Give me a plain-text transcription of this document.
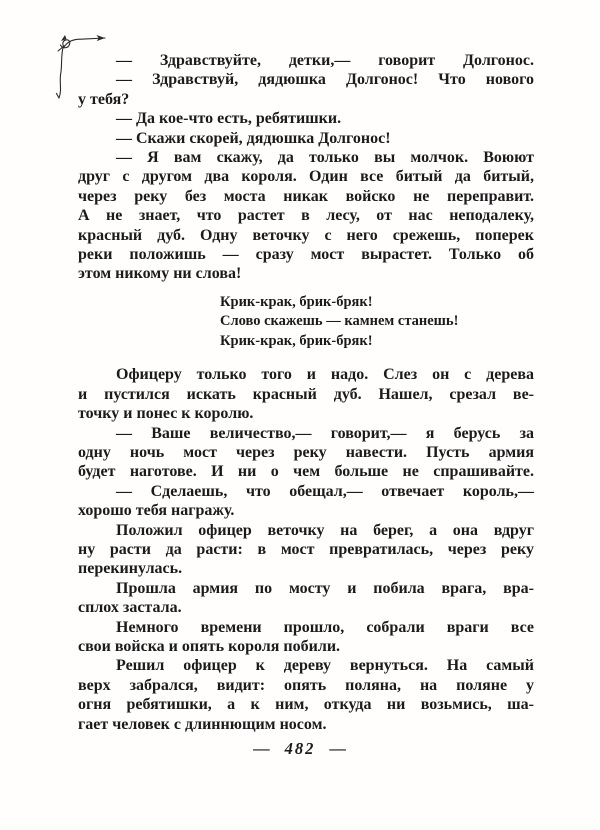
— Здравствуйте, детки,— говорит Долгонос.
— Здравствуй, дядюшка Долгонос! Что нового
у тебя?
— Да кое-что есть, ребятишки.
— Скажи скорей, дядюшка Долгонос!
— Я вам скажу, да только вы молчок. Воюют
друг с другом два короля. Один все битый да битый,
через реку без моста никак войско не переправит.
А не знает, что растет в лесу, от нас неподалеку,
красный дуб. Одну веточку с него срежешь, поперек
реки положишь — сразу мост вырастет. Только об
этом никому ни слова!
Крик-крак, брик-бряк!
Слово скажешь — камнем станешь!
Крик-крак, брик-бряк!
Офицеру только того и надо. Слез он с дерева
и пустился искать красный дуб. Нашел, срезал ве-
точку и понес к королю.
— Ваше величество,— говорит,— я берусь за
одну ночь мост через реку навести. Пусть армия
будет наготове. И ни о чем больше не спрашивайте.
— Сделаешь, что обещал,— отвечает король,—
хорошо тебя награжу.
Положил офицер веточку на берег, а она вдруг
ну расти да расти: в мост превратилась, через реку
перекинулась.
Прошла армия по мосту и побила врага, вра-
сплох застала.
Немного времени прошло, собрали враги все
свои войска и опять короля побили.
Решил офицер к дереву вернуться. На самый
верх забрался, видит: опять поляна, на поляне у
огня ребятишки, а к ним, откуда ни возьмись, ша-
гает человек с длиннющим носом.
— 482 —
